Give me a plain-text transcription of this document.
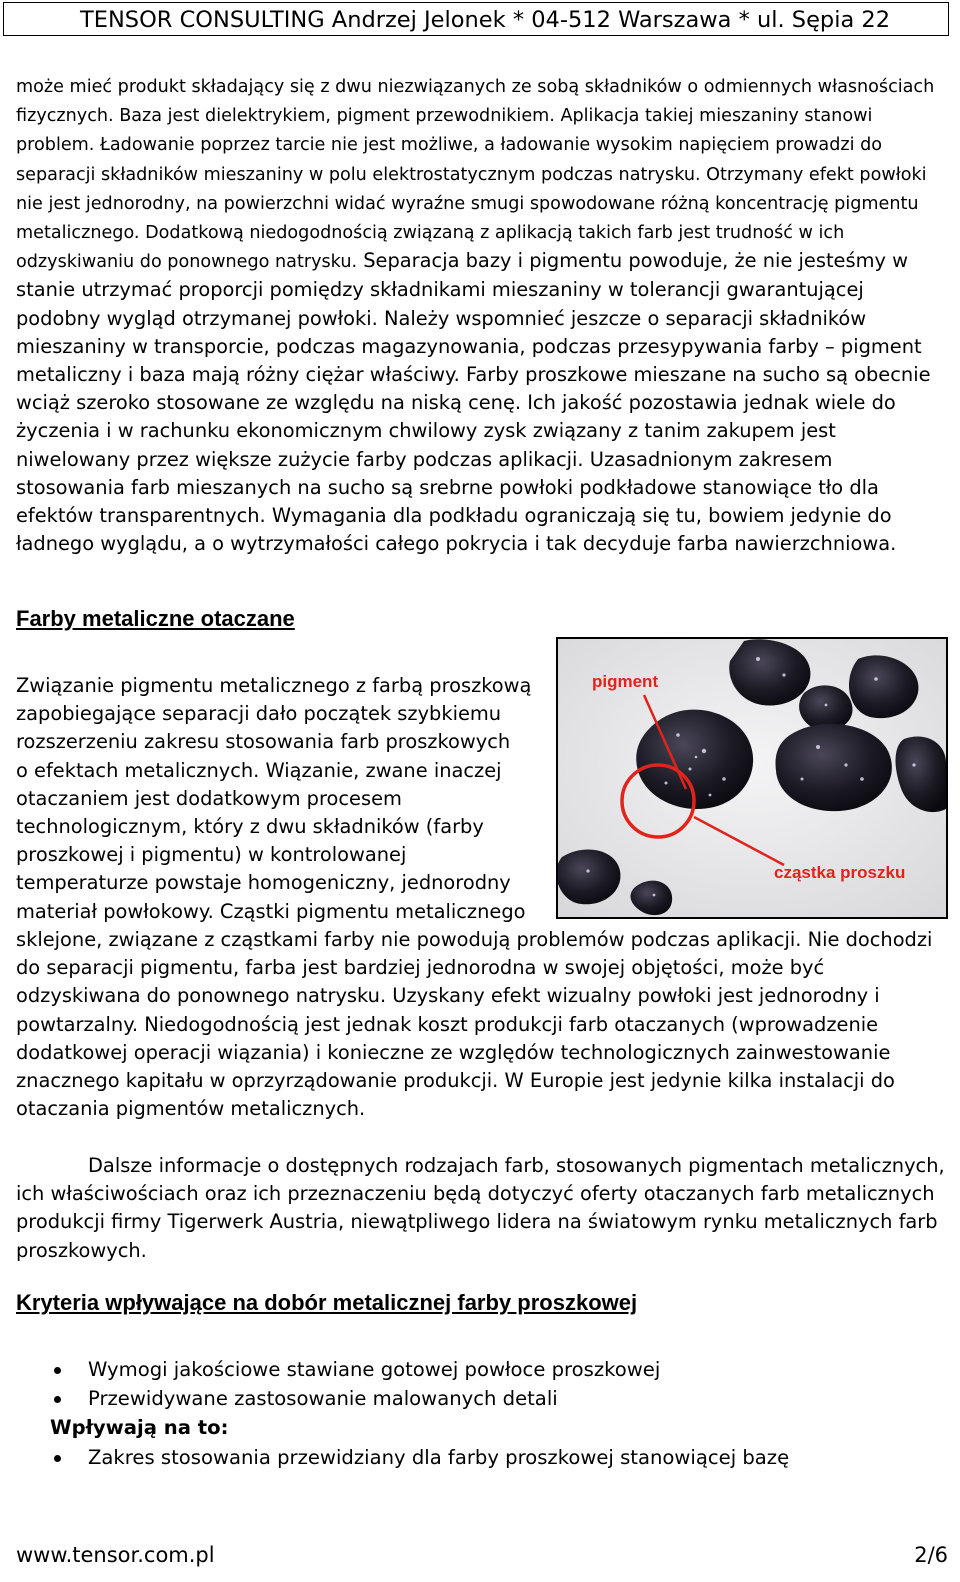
TENSOR CONSULTING Andrzej Jelonek * 04-512 Warszawa * ul. Sępia 22

może mieć produkt składający się z dwu niezwiązanych ze sobą składników o odmiennych własnościach fizycznych. Baza jest dielektrykiem, pigment przewodnikiem. Aplikacja takiej mieszaniny stanowi problem. Ładowanie poprzez tarcie nie jest możliwe, a ładowanie wysokim napięciem prowadzi do separacji składników mieszaniny w polu elektrostatycznym podczas natrysku. Otrzymany efekt powłoki nie jest jednorodny, na powierzchni widać wyraźne smugi spowodowane różną koncentrację pigmentu metalicznego. Dodatkową niedogodnością związaną z aplikacją takich farb jest trudność w ich odzyskiwaniu do ponownego natrysku. Separacja bazy i pigmentu powoduje, że nie jesteśmy w stanie utrzymać proporcji pomiędzy składnikami mieszaniny w tolerancji gwarantującej podobny wygląd otrzymanej powłoki. Należy wspomnieć jeszcze o separacji składników mieszaniny w transporcie, podczas magazynowania, podczas przesypywania farby – pigment metaliczny i baza mają różny ciężar właściwy. Farby proszkowe mieszane na sucho są obecnie wciąż szeroko stosowane ze względu na niską cenę. Ich jakość pozostawia jednak wiele do życzenia i w rachunku ekonomicznym chwilowy zysk związany z tanim zakupem jest niwelowany przez większe zużycie farby podczas aplikacji. Uzasadnionym zakresem stosowania farb mieszanych na sucho są srebrne powłoki podkładowe stanowiące tło dla efektów transparentnych. Wymagania dla podkładu ograniczają się tu, bowiem jedynie do ładnego wyglądu, a o wytrzymałości całego pokrycia i tak decyduje farba nawierzchniowa.

Farby metaliczne otaczane
pigment
cząstka proszku
Związanie pigmentu metalicznego z farbą proszkową
zapobiegające separacji dało początek szybkiemu
rozszerzeniu zakresu stosowania farb proszkowych
o efektach metalicznych. Wiązanie, zwane inaczej
otaczaniem jest dodatkowym procesem
technologicznym, który z dwu składników (farby
proszkowej i pigmentu) w kontrolowanej
temperaturze powstaje homogeniczny, jednorodny
materiał powłokowy. Cząstki pigmentu metalicznego

sklejone, związane z cząstkami farby nie powodują problemów podczas aplikacji. Nie dochodzi do separacji pigmentu, farba jest bardziej jednorodna w swojej objętości, może być odzyskiwana do ponownego natrysku. Uzyskany efekt wizualny powłoki jest jednorodny i powtarzalny. Niedogodnością jest jednak koszt produkcji farb otaczanych (wprowadzenie dodatkowej operacji wiązania) i konieczne ze względów technologicznych zainwestowanie znacznego kapitału w oprzyrządowanie produkcji. W Europie jest jedynie kilka instalacji do otaczania pigmentów metalicznych.

Dalsze informacje o dostępnych rodzajach farb, stosowanych pigmentach metalicznych, ich właściwościach oraz ich przeznaczeniu będą dotyczyć oferty otaczanych farb metalicznych produkcji firmy Tigerwerk Austria, niewątpliwego lidera na światowym rynku metalicznych farb proszkowych.

Kryteria wpływające na dobór metalicznej farby proszkowej
Wymogi jakościowe stawiane gotowej powłoce proszkowej
Przewidywane zastosowanie malowanych detali
Wpływają na to:
Zakres stosowania przewidziany dla farby proszkowej stanowiącej bazę
www.tensor.com.pl	2/6
